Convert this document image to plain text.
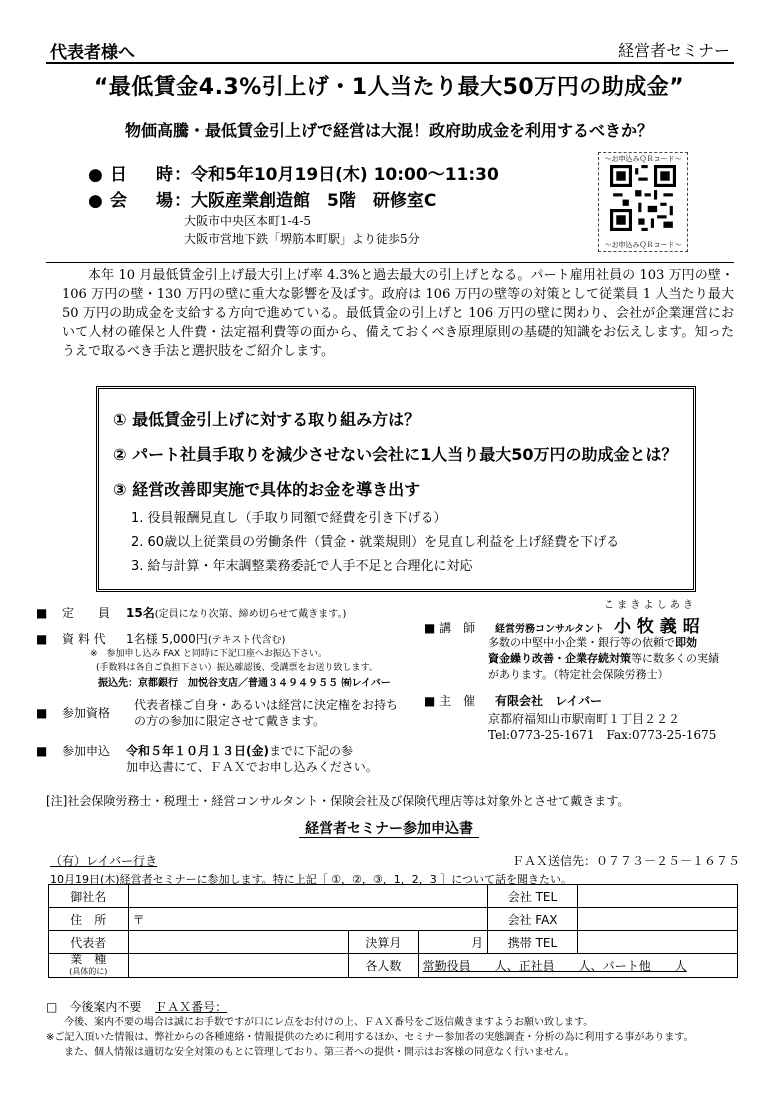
代表者様へ	経営者セミナー
“最低賃金4.3%引上げ・1人当たり最大50万円の助成金”
物価高騰・最低賃金引上げで経営は大混！政府助成金を利用するべきか？
● 日　時：令和5年10月19日(木) 10:00～11:30
● 会　場：大阪産業創造館　5階　研修室C
大阪市中央区本町1-4-5
大阪市営地下鉄「堺筋本町駅」より徒歩5分
〜お申込みＱＲコード〜
〜お申込みＱＲコード〜
本年 10 月最低賃金引上げ最大引上げ率 4.3%と過去最大の引上げとなる。パート雇用社員の 103 万円の壁・106 万円の壁・130 万円の壁に重大な影響を及ぼす。政府は 106 万円の壁等の対策として従業員 1 人当たり最大 50 万円の助成金を支給する方向で進めている。最低賃金の引上げと 106 万円の壁に関わり、会社が企業運営において人材の確保と人件費・法定福利費等の面から、備えておくべき原理原則の基礎的知識をお伝えします。知ったうえで取るべき手法と選択肢をご紹介します。
① 最低賃金引上げに対する取り組み方は？
② パート社員手取りを減少させない会社に1人当り最大50万円の助成金とは？
③ 経営改善即実施で具体的お金を導き出す
1. 役員報酬見直し（手取り同額で経費を引き下げる）
2. 60歳以上従業員の労働条件（賃金・就業規則）を見直し利益を上げ経費を下げる
3. 給与計算・年末調整業務委託で人手不足と合理化に対応
■ 定　　員 15名(定員になり次第、締め切らせて戴きます。)
■ 資 料 代 1名様 5,000円(テキスト代含む)
※　参加申し込み FAX と同時に下記口座へお振込下さい。
(手数料は各自ご負担下さい）振込確認後、受講票をお送り致します。
振込先：京都銀行　加悦谷支店／普通３４９４９５５ ㈲レイバー
■ 参加資格
代表者様ご自身・あるいは経営に決定権をお持ち
の方の参加に限定させて戴きます。
■ 参加申込 令和５年１０月１３日(金)までに下記の参
加申込書にて、ＦＡＸでお申し込みください。
こ ま き よ し あ き
■ 講　師 経営労務コンサルタント 小 牧 義 昭
多数の中堅中小企業・銀行等の依頼で即効
資金繰り改善・企業存続対策等に数多くの実績
があります。（特定社会保険労務士）
■ 主　催 有限会社　レイバー
京都府福知山市駅南町１丁目２２２
Tel:0773-25-1671　Fax:0773-25-1675
[注]社会保険労務士・税理士・経営コンサルタント・保険会社及び保険代理店等は対象外とさせて戴きます。
経営者セミナー参加申込書
（有）レイバー行き	ＦＡＸ送信先：０７７３－２５－１６７５
10月19日(木)経営者セミナーに参加します。特に上記［ ①，②，③，1，2，3 ］について話を聞きたい。
御社名				会社 TEL	
住　所	〒			会社 FAX	
代表者		決算月	月	携帯 TEL	
業　種
(具体的に)		各人数	常勤役員　　人、正社員　　人、パート他　　人		
□　今後案内不要 ＦＡＸ番号：
今後、案内不要の場合は誠にお手数ですが口にレ点をお付けの上、ＦＡＸ番号をご返信戴きますようお願い致します。
※ご記入頂いた情報は、弊社からの各種連絡・情報提供のために利用するほか、セミナー参加者の実態調査・分析の為に利用する事があります。
また、個人情報は適切な安全対策のもとに管理しており、第三者への提供・開示はお客様の同意なく行いません。
